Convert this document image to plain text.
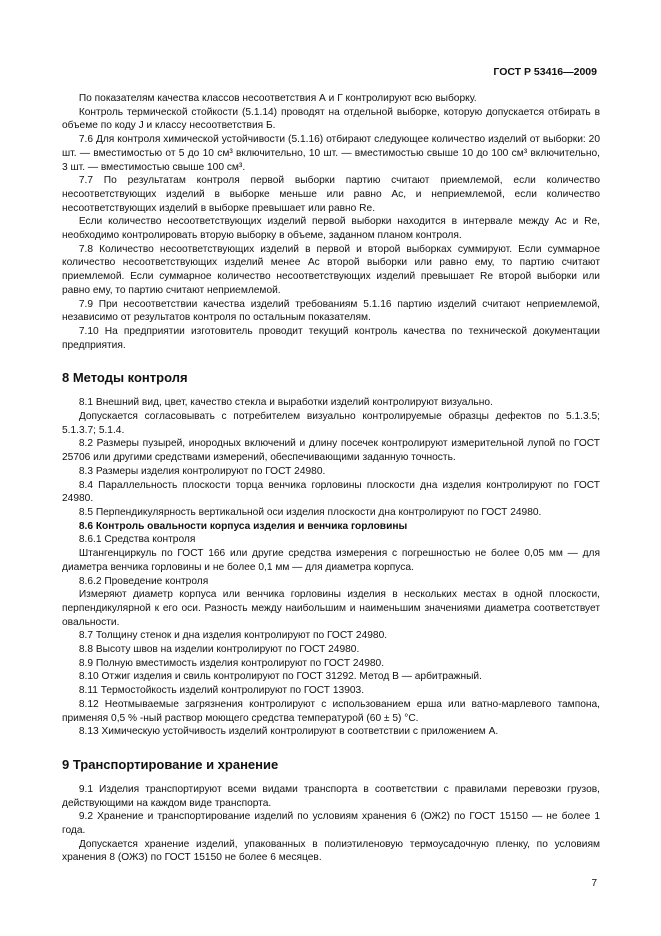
ГОСТ Р 53416—2009

По показателям качества классов несоответствия А и Г контролируют всю выборку.

Контроль термической стойкости (5.1.14) проводят на отдельной выборке, которую допускается отбирать в объеме по коду J и классу несоответствия Б.

7.6 Для контроля химической устойчивости (5.1.16) отбирают следующее количество изделий от выборки: 20 шт. — вместимостью от 5 до 10 см³ включительно, 10 шт. — вместимостью свыше 10 до 100 см³ включительно, 3 шт. — вместимостью свыше 100 см³.

7.7 По результатам контроля первой выборки партию считают приемлемой, если количество несоответствующих изделий в выборке меньше или равно Ас, и неприемлемой, если количество несоответствующих изделий в выборке превышает или равно Re.

Если количество несоответствующих изделий первой выборки находится в интервале между Ас и Re, необходимо контролировать вторую выборку в объеме, заданном планом контроля.

7.8 Количество несоответствующих изделий в первой и второй выборках суммируют. Если суммарное количество несоответствующих изделий менее Ас второй выборки или равно ему, то партию считают приемлемой. Если суммарное количество несоответствующих изделий превышает Re второй выборки или равно ему, то партию считают неприемлемой.

7.9 При несоответствии качества изделий требованиям 5.1.16 партию изделий считают неприемлемой, независимо от результатов контроля по остальным показателям.

7.10 На предприятии изготовитель проводит текущий контроль качества по технической документации предприятия.

8 Методы контроля

8.1 Внешний вид, цвет, качество стекла и выработки изделий контролируют визуально.

Допускается согласовывать с потребителем визуально контролируемые образцы дефектов по 5.1.3.5; 5.1.3.7; 5.1.4.

8.2 Размеры пузырей, инородных включений и длину посечек контролируют измерительной лупой по ГОСТ 25706 или другими средствами измерений, обеспечивающими заданную точность.

8.3 Размеры изделия контролируют по ГОСТ 24980.

8.4 Параллельность плоскости торца венчика горловины плоскости дна изделия контролируют по ГОСТ 24980.

8.5 Перпендикулярность вертикальной оси изделия плоскости дна контролируют по ГОСТ 24980.

8.6 Контроль овальности корпуса изделия и венчика горловины

8.6.1 Средства контроля

Штангенциркуль по ГОСТ 166 или другие средства измерения с погрешностью не более 0,05 мм — для диаметра венчика горловины и не более 0,1 мм — для диаметра корпуса.

8.6.2 Проведение контроля

Измеряют диаметр корпуса или венчика горловины изделия в нескольких местах в одной плоскости, перпендикулярной к его оси. Разность между наибольшим и наименьшим значениями диаметра соответствует овальности.

8.7 Толщину стенок и дна изделия контролируют по ГОСТ 24980.

8.8 Высоту швов на изделии контролируют по ГОСТ 24980.

8.9 Полную вместимость изделия контролируют по ГОСТ 24980.

8.10 Отжиг изделия и свиль контролируют по ГОСТ 31292. Метод В — арбитражный.

8.11 Термостойкость изделий контролируют по ГОСТ 13903.

8.12 Неотмываемые загрязнения контролируют с использованием ерша или ватно-марлевого тампона, применяя 0,5 % -ный раствор моющего средства температурой (60 ± 5) °С.

8.13 Химическую устойчивость изделий контролируют в соответствии с приложением А.

9 Транспортирование и хранение

9.1 Изделия транспортируют всеми видами транспорта в соответствии с правилами перевозки грузов, действующими на каждом виде транспорта.

9.2 Хранение и транспортирование изделий по условиям хранения 6 (ОЖ2) по ГОСТ 15150 — не более 1 года.

Допускается хранение изделий, упакованных в полиэтиленовую термоусадочную пленку, по условиям хранения 8 (ОЖЗ) по ГОСТ 15150 не более 6 месяцев.

7
